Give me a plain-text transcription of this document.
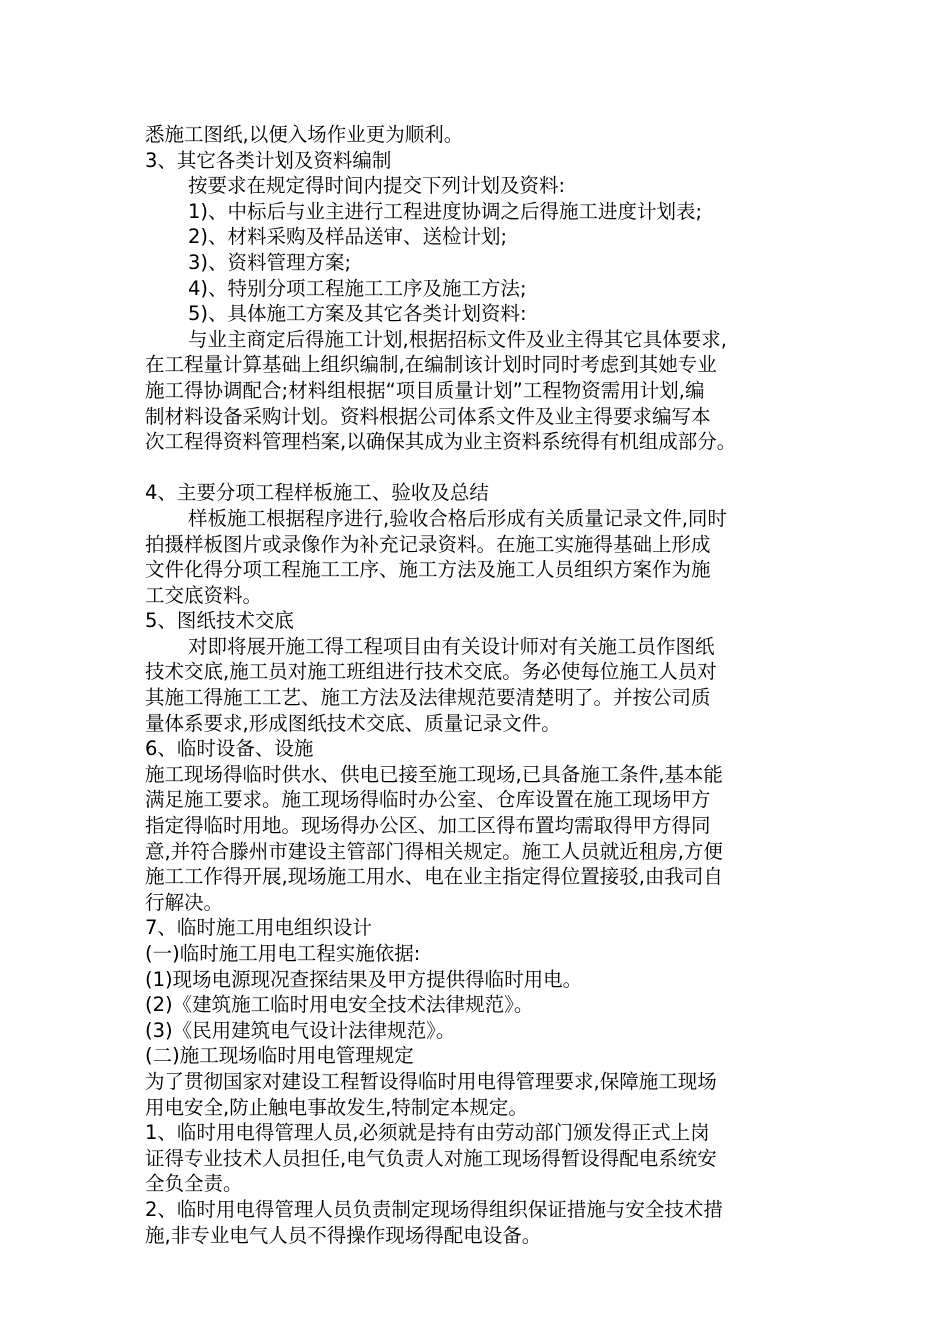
悉施工图纸,以便入场作业更为顺利。
3、其它各类计划及资料编制
按要求在规定得时间内提交下列计划及资料:
1)、中标后与业主进行工程进度协调之后得施工进度计划表;
2)、材料采购及样品送审、送检计划;
3)、资料管理方案;
4)、特别分项工程施工工序及施工方法;
5)、具体施工方案及其它各类计划资料:
与业主商定后得施工计划,根据招标文件及业主得其它具体要求,
在工程量计算基础上组织编制,在编制该计划时同时考虑到其她专业
施工得协调配合;材料组根据“项目质量计划”工程物资需用计划,编
制材料设备采购计划。资料根据公司体系文件及业主得要求编写本
次工程得资料管理档案,以确保其成为业主资料系统得有机组成部分。
4、主要分项工程样板施工、验收及总结
样板施工根据程序进行,验收合格后形成有关质量记录文件,同时
拍摄样板图片或录像作为补充记录资料。在施工实施得基础上形成
文件化得分项工程施工工序、施工方法及施工人员组织方案作为施
工交底资料。
5、图纸技术交底
对即将展开施工得工程项目由有关设计师对有关施工员作图纸
技术交底,施工员对施工班组进行技术交底。务必使每位施工人员对
其施工得施工工艺、施工方法及法律规范要清楚明了。并按公司质
量体系要求,形成图纸技术交底、质量记录文件。
6、临时设备、设施
施工现场得临时供水、供电已接至施工现场,已具备施工条件,基本能
满足施工要求。施工现场得临时办公室、仓库设置在施工现场甲方
指定得临时用地。现场得办公区、加工区得布置均需取得甲方得同
意,并符合滕州市建设主管部门得相关规定。施工人员就近租房,方便
施工工作得开展,现场施工用水、电在业主指定得位置接驳,由我司自
行解决。
7、临时施工用电组织设计
(一)临时施工用电工程实施依据:
(1)现场电源现况查探结果及甲方提供得临时用电。
(2)《建筑施工临时用电安全技术法律规范》。
(3)《民用建筑电气设计法律规范》。
(二)施工现场临时用电管理规定
为了贯彻国家对建设工程暂设得临时用电得管理要求,保障施工现场
用电安全,防止触电事故发生,特制定本规定。
1、临时用电得管理人员,必须就是持有由劳动部门颁发得正式上岗
证得专业技术人员担任,电气负责人对施工现场得暂设得配电系统安
全负全责。
2、临时用电得管理人员负责制定现场得组织保证措施与安全技术措
施,非专业电气人员不得操作现场得配电设备。
